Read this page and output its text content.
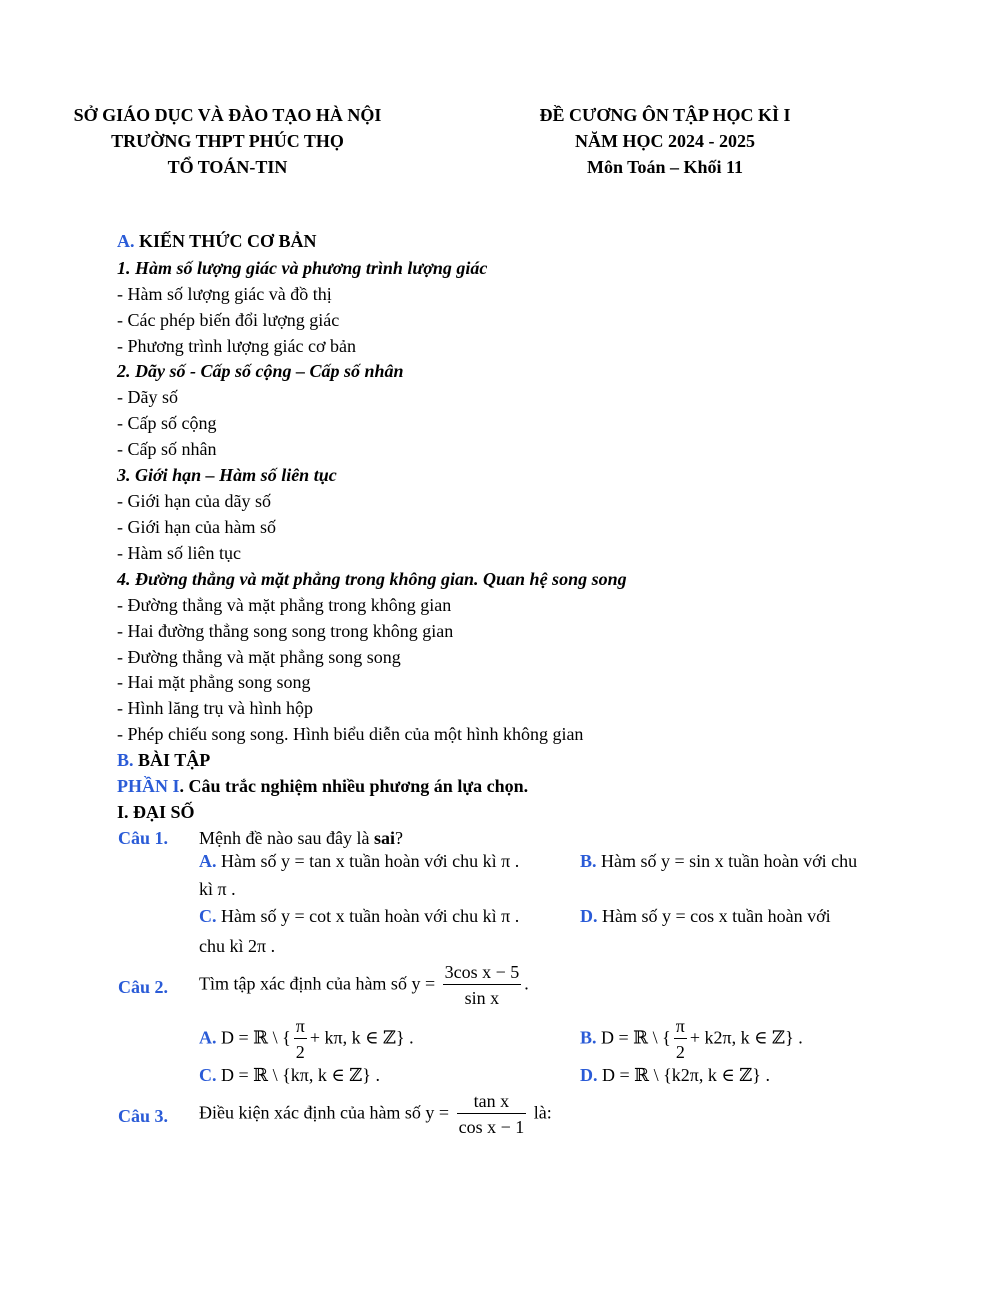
SỞ GIÁO DỤC VÀ ĐÀO TẠO HÀ NỘI
TRƯỜNG THPT PHÚC THỌ
TỔ TOÁN-TIN
ĐỀ CƯƠNG ÔN TẬP HỌC KÌ I
NĂM HỌC 2024 - 2025
Môn Toán – Khối 11
A. KIẾN THỨC CƠ BẢN
1. Hàm số lượng giác và phương trình lượng giác
- Hàm số lượng giác và đồ thị
- Các phép biến đổi lượng giác
- Phương trình lượng giác cơ bản
2. Dãy số - Cấp số cộng – Cấp số nhân
- Dãy số
- Cấp số cộng
- Cấp số nhân
3. Giới hạn – Hàm số liên tục
- Giới hạn của dãy số
- Giới hạn của hàm số
- Hàm số liên tục
4. Đường thẳng và mặt phẳng trong không gian. Quan hệ song song
- Đường thẳng và mặt phẳng trong không gian
- Hai đường thẳng song song trong không gian
- Đường thẳng và mặt phẳng song song
- Hai mặt phẳng song song
- Hình lăng trụ và hình hộp
- Phép chiếu song song. Hình biểu diễn của một hình không gian
B. BÀI TẬP
PHẦN I. Câu trắc nghiệm nhiều phương án lựa chọn.
I. ĐẠI SỐ
Câu 1. Mệnh đề nào sau đây là sai?
A. Hàm số y = tan x tuần hoàn với chu kì π .	B. Hàm số y = sin x tuần hoàn với chu
kì π .
C. Hàm số y = cot x tuần hoàn với chu kì π .	D. Hàm số y = cos x tuần hoàn với
chu kì 2π .
Câu 2. Tìm tập xác định của hàm số $y = \frac{\text{3cos x − 5}}{\text{sin x}}$ .
A. D = ℝ \ { $\frac{\pi}{2} + k\pi$, k ∈ ℤ} .	B. D = ℝ \ { $\frac{\pi}{2} + k2\pi$, k ∈ ℤ} .
C. D = ℝ \ {kπ, k ∈ ℤ} .	D. D = ℝ \ {k2π, k ∈ ℤ} .
Câu 3. Điều kiện xác định của hàm số $y = \frac{\text{tan x}}{\text{cos x − 1}}$ là:
